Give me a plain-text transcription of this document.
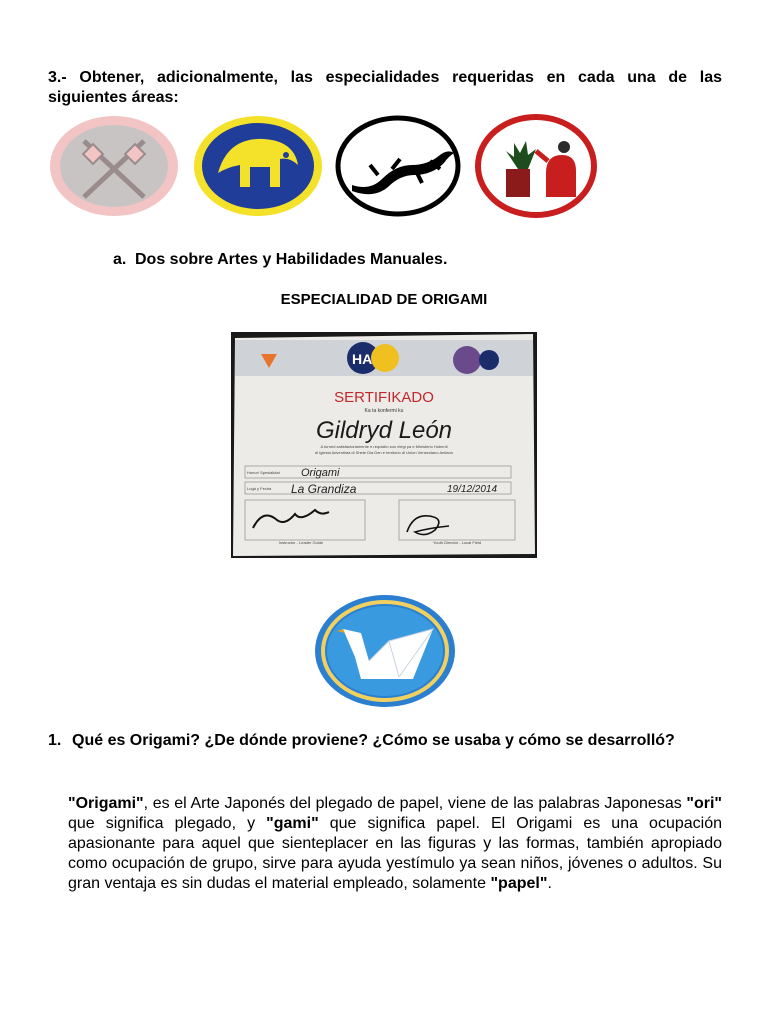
3.- Obtener, adicionalmente, las especialidades requeridas en cada una de las siguientes áreas:
a. Dos sobre Artes y Habilidades Manuales.
ESPECIALIDAD DE ORIGAMI
HA
SERTIFIKADO
Ka ta konfermi ku
Gildryd León
A turned satisfactoriamente e requisito sun elegi pa e Ministerio Hubenil
di Iglesia Adventista di Shete Dia Den e territorio di Union Venezolano Antiano
Honor/ Spesialidat Origami
Lugá y Fecha La Grandiza	19/12/2014
Instructor - Leader Guide	Youth Director - Local Field
1. Qué es Origami? ¿De dónde proviene? ¿Cómo se usaba y cómo se desarrolló?
"Origami", es el Arte Japonés del plegado de papel, viene de las palabras Japonesas "ori" que significa plegado, y "gami" que significa papel. El Origami es una ocupación apasionante para aquel que sienteplacer en las figuras y las formas, también apropiado como ocupación de grupo, sirve para ayuda yestímulo ya sean niños, jóvenes o adultos. Su gran ventaja es sin dudas el material empleado, solamente "papel".
